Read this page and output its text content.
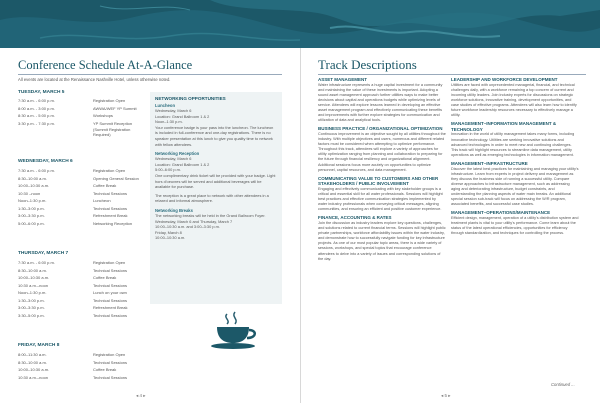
Conference Schedule At-A-Glance
All events are located at the Renaissance Nashville Hotel, unless otherwise noted.
TUESDAY, MARCH 5
7:30 a.m. - 6:00 p.m.	Registration Open
8:00 a.m. - 3:00 p.m.	AWWA/WEF YP Summit
8:30 a.m. - 5:00 p.m.	Workshops
3:30 p.m. - 7:30 p.m.	YP Summit Reception
(Summit Registration
Required)
WEDNESDAY, MARCH 6
7:30 a.m. - 6:00 p.m.	Registration Open
8:30–10:00 a.m.	Opening General Session
10:00–10:30 a.m.	Coffee Break
10:30 –noon	Technical Sessions
Noon–1:30 p.m.	Luncheon
1:30–3:00 p.m.	Technical Sessions
3:00–3:30 p.m.	Refreshment Break
5:00–6:00 p.m.	Networking Reception
THURSDAY, MARCH 7
7:30 a.m. - 6:00 p.m.	Registration Open
8:30–10:00 a.m.	Technical Sessions
10:00–10:30 a.m.	Coffee Break
10:30 a.m.–noon	Technical Sessions
Noon–1:30 p.m.	Lunch on your own
1:30–3:00 p.m.	Technical Sessions
3:00–3:30 p.m.	Refreshment Break
3:30–5:00 p.m.	Technical Sessions
FRIDAY, MARCH 8
8:00–11:30 a.m.	Registration Open
8:30–10:00 a.m.	Technical Sessions
10:00–10:30 a.m.	Coffee Break
10:30 a.m.–noon	Technical Sessions
NETWORKING OPPORTUNITIES
Luncheon

Wednesday, March 6

Location: Grand Ballroom 1 & 2

Noon–1:30 p.m.

Your conference badge is your pass into the luncheon. The luncheon is included in full-conference and one-day registrations. There is no speaker presentation at this lunch to give you quality time to network with fellow attendees.

Networking Reception

Wednesday, March 6

Location: Grand Ballroom 1 & 2

5:00–6:00 p.m.

One complimentary drink ticket will be provided with your badge. Light hors d'oeuvres will be served and additional beverages will be available for purchase.

The reception is a great place to network with other attendees in a relaxed and informal atmosphere.

Networking Breaks

The networking breaks will be held in the Grand Ballroom Foyer.

Wednesday, March 6 and Thursday, March 7

10:00–10:30 a.m. and 3:00–3:30 p.m.

Friday, March 8

10:00–10:30 a.m.

◂ 4 ▸
Track Descriptions
ASSET MANAGEMENT

Water infrastructure represents a huge capital investment for a community and maintaining the value of these investments is important. Adopting a sound asset management approach further utilities ways to make better decisions about capital and operations budgets while optimizing levels of service. Attendees will explore lessons learned in developing an effective asset management program and effectively communicating these benefits and improvements with further explore strategies for communication and utilization of data and analytical tools.

BUSINESS PRACTICE / ORGANIZATIONAL OPTIMIZATION

Continuous improvement is an objective sought by all utilities throughout the industry. With multiple objectives and users, numerous and different related factors must be considered when attempting to optimize performance. Throughout this track, attendees will explore a variety of approaches for utility optimization ranging from planning and collaboration to preparing for the future through financial resiliency and organizational alignment. Additional sessions focus more acutely on opportunities to optimize personnel, capital resources, and data management.

COMMUNICATING VALUE TO CUSTOMERS AND OTHER STAKEHOLDERS / PUBLIC INVOLVEMENT

Engaging and effectively communicating with key stakeholder groups is a critical and essential skill for all water professionals. Sessions will highlight best practices and effective communication strategies implemented by water industry professionals when conveying critical messages, aligning communities, and ensuring an efficient and positive customer experience.

FINANCE, ACCOUNTING & RATES

Join the discussion as industry leaders explore key questions, challenges, and solutions related to current financial terms. Sessions will highlight public private partnerships, workforce affordability issues within the water industry, and demonstrate how to successfully navigate funding for key infrastructure projects. As one of our most popular topic areas, there is a wide variety of sessions, workshops, and special topics that encourage conference attendees to delve into a variety of issues and corresponding solutions of the day.

LEADERSHIP AND WORKFORCE DEVELOPMENT

Utilities are faced with unprecedented managerial, financial, and technical challenges daily, with a workforce remaining a top concern of current and incoming utility leaders. Join industry experts for discussions on strategic workforce solutions, innovative training, development opportunities, and case studies of effective programs. Attendees will also learn how to identify future workforce leadership resources necessary to effectively manage a utility.

MANAGEMENT–INFORMATION MANAGEMENT & TECHNOLOGY

Innovation in the world of utility management takes many forms, including innovative technology. Utilities are seeking innovative solutions and advanced technologies in order to meet new and continuing challenges. This track will highlight resources to streamline data management, utility operations as well as emerging technologies in information management.

MANAGEMENT–INFRASTRUCTURE

Discover the latest best practices for maintaining and managing your utility's infrastructure. Learn from experts in project delivery and management as they discuss the business side of running a successful utility. Compare diverse approaches to infrastructure management, such as addressing aging and deteriorating infrastructure, budget constraints, and understanding the planning aspects of water main breaks. An additional special session sub-track will focus on addressing the W/R program, associated benefits, and successful case studies.

MANAGEMENT–OPERATIONS/MAINTENANCE

Efficient design, management, operation of a utility's distribution system and treatment plants is vital to your utility's performance. Come learn about the status of the latest operational efficiencies, opportunities for efficiency through standardization, and techniques for controlling the process.

Continued ...
◂ 5 ▸
